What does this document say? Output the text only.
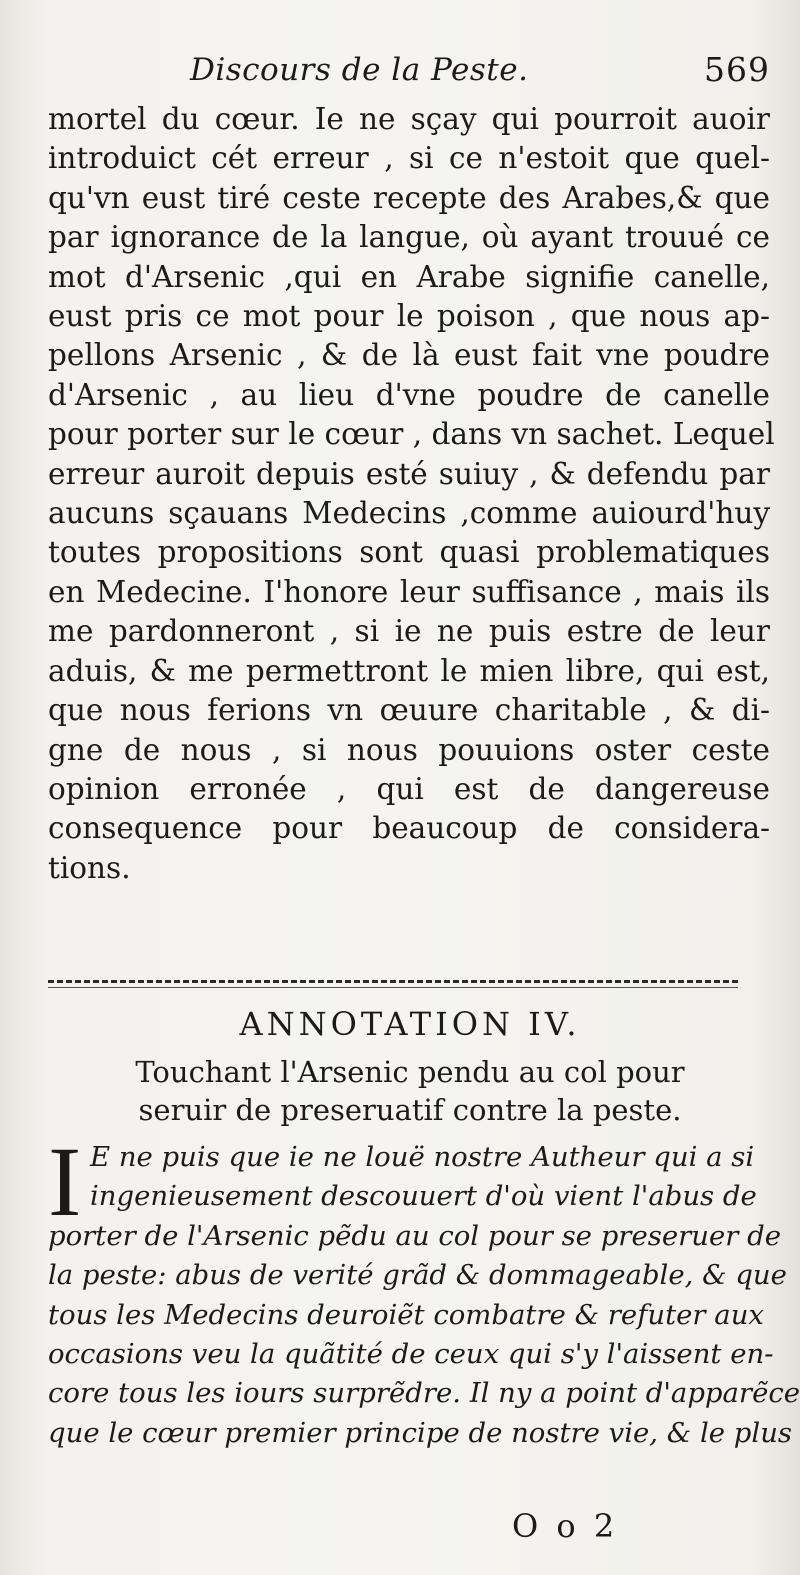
Discours de la Peste.	569
mortel du cœur. Ie ne sçay qui pourroit auoir
introduict cét erreur , si ce n'estoit que quel-
qu'vn eust tiré ceste recepte des Arabes,& que
par ignorance de la langue, où ayant trouué ce
mot d'Arsenic ,qui en Arabe signifie canelle,
eust pris ce mot pour le poison , que nous ap-
pellons Arsenic , & de là eust fait vne poudre
d'Arsenic , au lieu d'vne poudre de canelle
pour porter sur le cœur , dans vn sachet. Lequel
erreur auroit depuis esté suiuy , & defendu par
aucuns sçauans Medecins ,comme auiourd'huy
toutes propositions sont quasi problematiques
en Medecine. I'honore leur suffisance , mais ils
me pardonneront , si ie ne puis estre de leur
aduis, & me permettront le mien libre, qui est,
que nous ferions vn œuure charitable , & di-
gne de nous , si nous pouuions oster ceste
opinion erronée , qui est de dangereuse
consequence pour beaucoup de considera-
tions.
ANNOTATION IV.
Touchant l'Arsenic pendu au col pour
seruir de preseruatif contre la peste.
I E ne puis que ie ne louë nostre Autheur qui a si
ingenieusement descouuert d'où vient l'abus de
porter de l'Arsenic pẽdu au col pour se preseruer de
la peste: abus de verité grãd & dommageable, & que
tous les Medecins deuroiẽt combatre & refuter aux
occasions veu la quãtité de ceux qui s'y l'aissent en-
core tous les iours surprẽdre. Il ny a point d'apparẽce
que le cœur premier principe de nostre vie, & le plus
O o 2
